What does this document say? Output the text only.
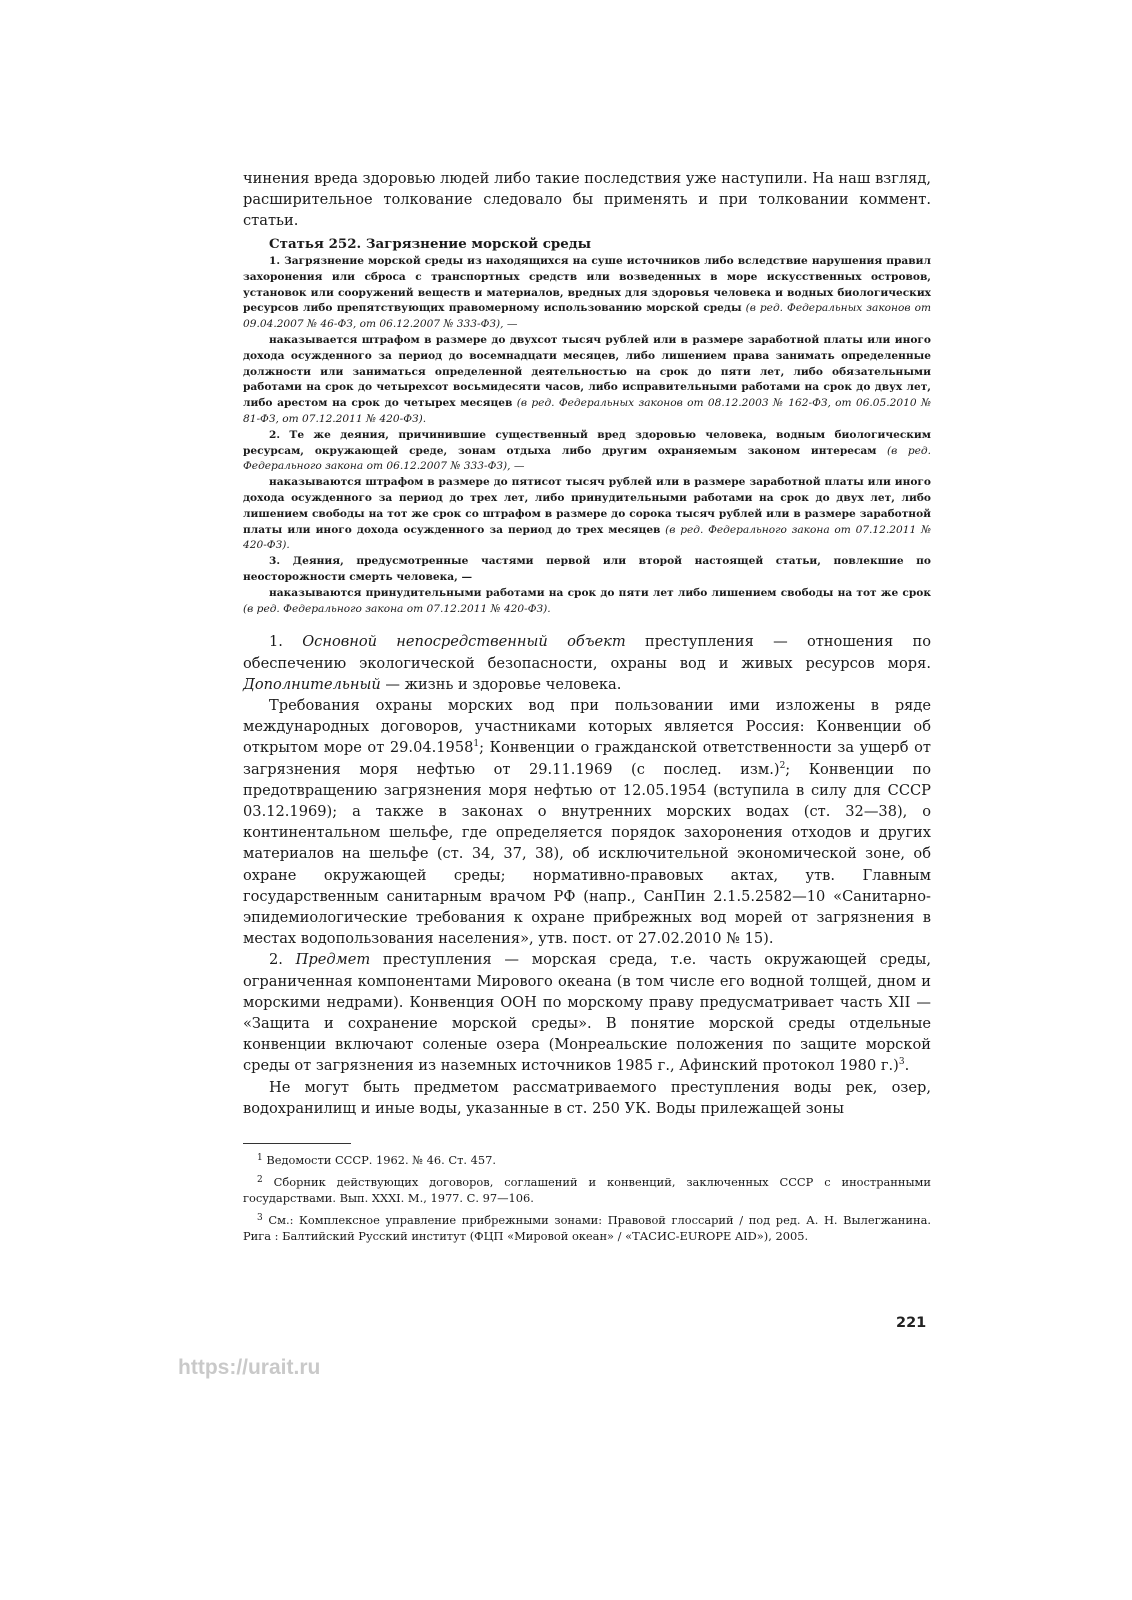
чинения вреда здоровью людей либо такие последствия уже наступили. На наш взгляд, расширительное толкование следовало бы применять и при толковании коммент. статьи.

Статья 252. Загрязнение морской среды

1. Загрязнение морской среды из находящихся на суше источников либо вследствие нарушения правил захоронения или сброса с транспортных средств или возведенных в море искусственных островов, установок или сооружений веществ и материалов, вредных для здоровья человека и водных биологических ресурсов либо препятствующих правомерному использованию морской среды (в ред. Федеральных законов от 09.04.2007 № 46-ФЗ, от 06.12.2007 № 333-ФЗ), —

наказывается штрафом в размере до двухсот тысяч рублей или в размере заработной платы или иного дохода осужденного за период до восемнадцати месяцев, либо лишением права занимать определенные должности или заниматься определенной деятельностью на срок до пяти лет, либо обязательными работами на срок до четырехсот восьмидесяти часов, либо исправительными работами на срок до двух лет, либо арестом на срок до четырех месяцев (в ред. Федеральных законов от 08.12.2003 № 162-ФЗ, от 06.05.2010 № 81-ФЗ, от 07.12.2011 № 420-ФЗ).

2. Те же деяния, причинившие существенный вред здоровью человека, водным биологическим ресурсам, окружающей среде, зонам отдыха либо другим охраняемым законом интересам (в ред. Федерального закона от 06.12.2007 № 333-ФЗ), —

наказываются штрафом в размере до пятисот тысяч рублей или в размере заработной платы или иного дохода осужденного за период до трех лет, либо принудительными работами на срок до двух лет, либо лишением свободы на тот же срок со штрафом в размере до сорока тысяч рублей или в размере заработной платы или иного дохода осужденного за период до трех месяцев (в ред. Федерального закона от 07.12.2011 № 420-ФЗ).

3. Деяния, предусмотренные частями первой или второй настоящей статьи, повлекшие по неосторожности смерть человека, —

наказываются принудительными работами на срок до пяти лет либо лишением свободы на тот же срок (в ред. Федерального закона от 07.12.2011 № 420-ФЗ).

1. Основной непосредственный объект преступления — отношения по обеспечению экологической безопасности, охраны вод и живых ресурсов моря. Дополнительный — жизнь и здоровье человека.

Требования охраны морских вод при пользовании ими изложены в ряде международных договоров, участниками которых является Россия: Конвенции об открытом море от 29.04.1958$^1$; Конвенции о гражданской ответственности за ущерб от загрязнения моря нефтью от 29.11.1969 (с послед. изм.)$^2$; Конвенции по предотвращению загрязнения моря нефтью от 12.05.1954 (вступила в силу для СССР 03.12.1969); а также в законах о внутренних морских водах (ст. 32—38), о континентальном шельфе, где определяется порядок захоронения отходов и других материалов на шельфе (ст. 34, 37, 38), об исключительной экономической зоне, об охране окружающей среды; нормативно-правовых актах, утв. Главным государственным санитарным врачом РФ (напр., СанПин 2.1.5.2582—10 «Санитарно-эпидемиологические требования к охране прибрежных вод морей от загрязнения в местах водопользования населения», утв. пост. от 27.02.2010 № 15).

2. Предмет преступления — морская среда, т.е. часть окружающей среды, ограниченная компонентами Мирового океана (в том числе его водной толщей, дном и морскими недрами). Конвенция ООН по морскому праву предусматривает часть XII — «Защита и сохранение морской среды». В понятие морской среды отдельные конвенции включают соленые озера (Монреальские положения по защите морской среды от загрязнения из наземных источников 1985 г., Афинский протокол 1980 г.)$^3$.

Не могут быть предметом рассматриваемого преступления воды рек, озер, водохранилищ и иные воды, указанные в ст. 250 УК. Воды прилежащей зоны

$^1$ Ведомости СССР. 1962. № 46. Ст. 457.

$^2$ Сборник действующих договоров, соглашений и конвенций, заключенных СССР с иностранными государствами. Вып. XXXI. М., 1977. С. 97—106.

$^3$ См.: Комплексное управление прибрежными зонами: Правовой глоссарий / под ред. А. Н. Вылегжанина. Рига : Балтийский Русский институт (ФЦП «Мировой океан» / «ТАСИС-EUROPE AID»), 2005.

221
https://urait.ru
